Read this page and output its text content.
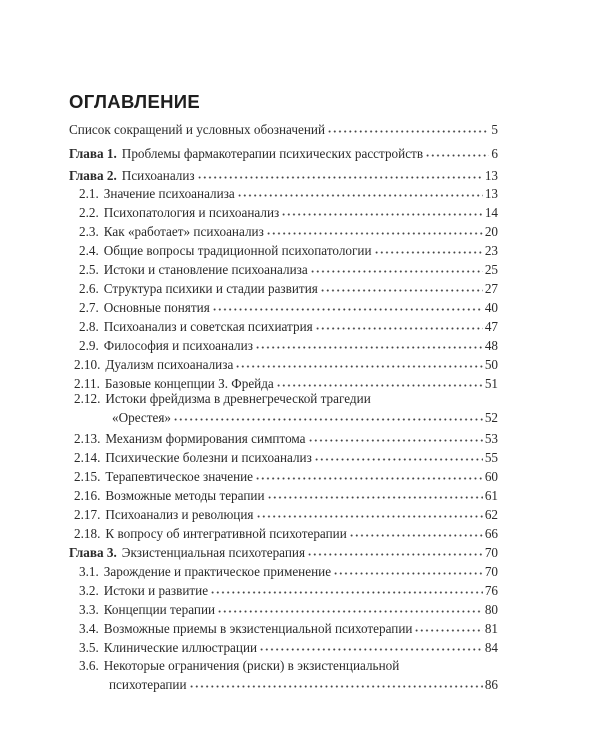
ОГЛАВЛЕНИЕ
Список сокращений и условных обозначений	5
Глава 1. Проблемы фармакотерапии психических расстройств	6
Глава 2. Психоанализ	13
2.1. Значение психоанализа	13
2.2. Психопатология и психоанализ	14
2.3. Как «работает» психоанализ	20
2.4. Общие вопросы традиционной психопатологии	23
2.5. Истоки и становление психоанализа	25
2.6. Структура психики и стадии развития	27
2.7. Основные понятия	40
2.8. Психоанализ и советская психиатрия	47
2.9. Философия и психоанализ	48
2.10. Дуализм психоанализа	50
2.11. Базовые концепции З. Фрейда	51
2.12. Истоки фрейдизма в древнегреческой трагедии
«Орестея»	52
2.13. Механизм формирования симптома	53
2.14. Психические болезни и психоанализ	55
2.15. Терапевтическое значение	60
2.16. Возможные методы терапии	61
2.17. Психоанализ и революция	62
2.18. К вопросу об интегративной психотерапии	66
Глава 3. Экзистенциальная психотерапия	70
3.1. Зарождение и практическое применение	70
3.2. Истоки и развитие	76
3.3. Концепции терапии	80
3.4. Возможные приемы в экзистенциальной психотерапии	81
3.5. Клинические иллюстрации	84
3.6. Некоторые ограничения (риски) в экзистенциальной
психотерапии	86
